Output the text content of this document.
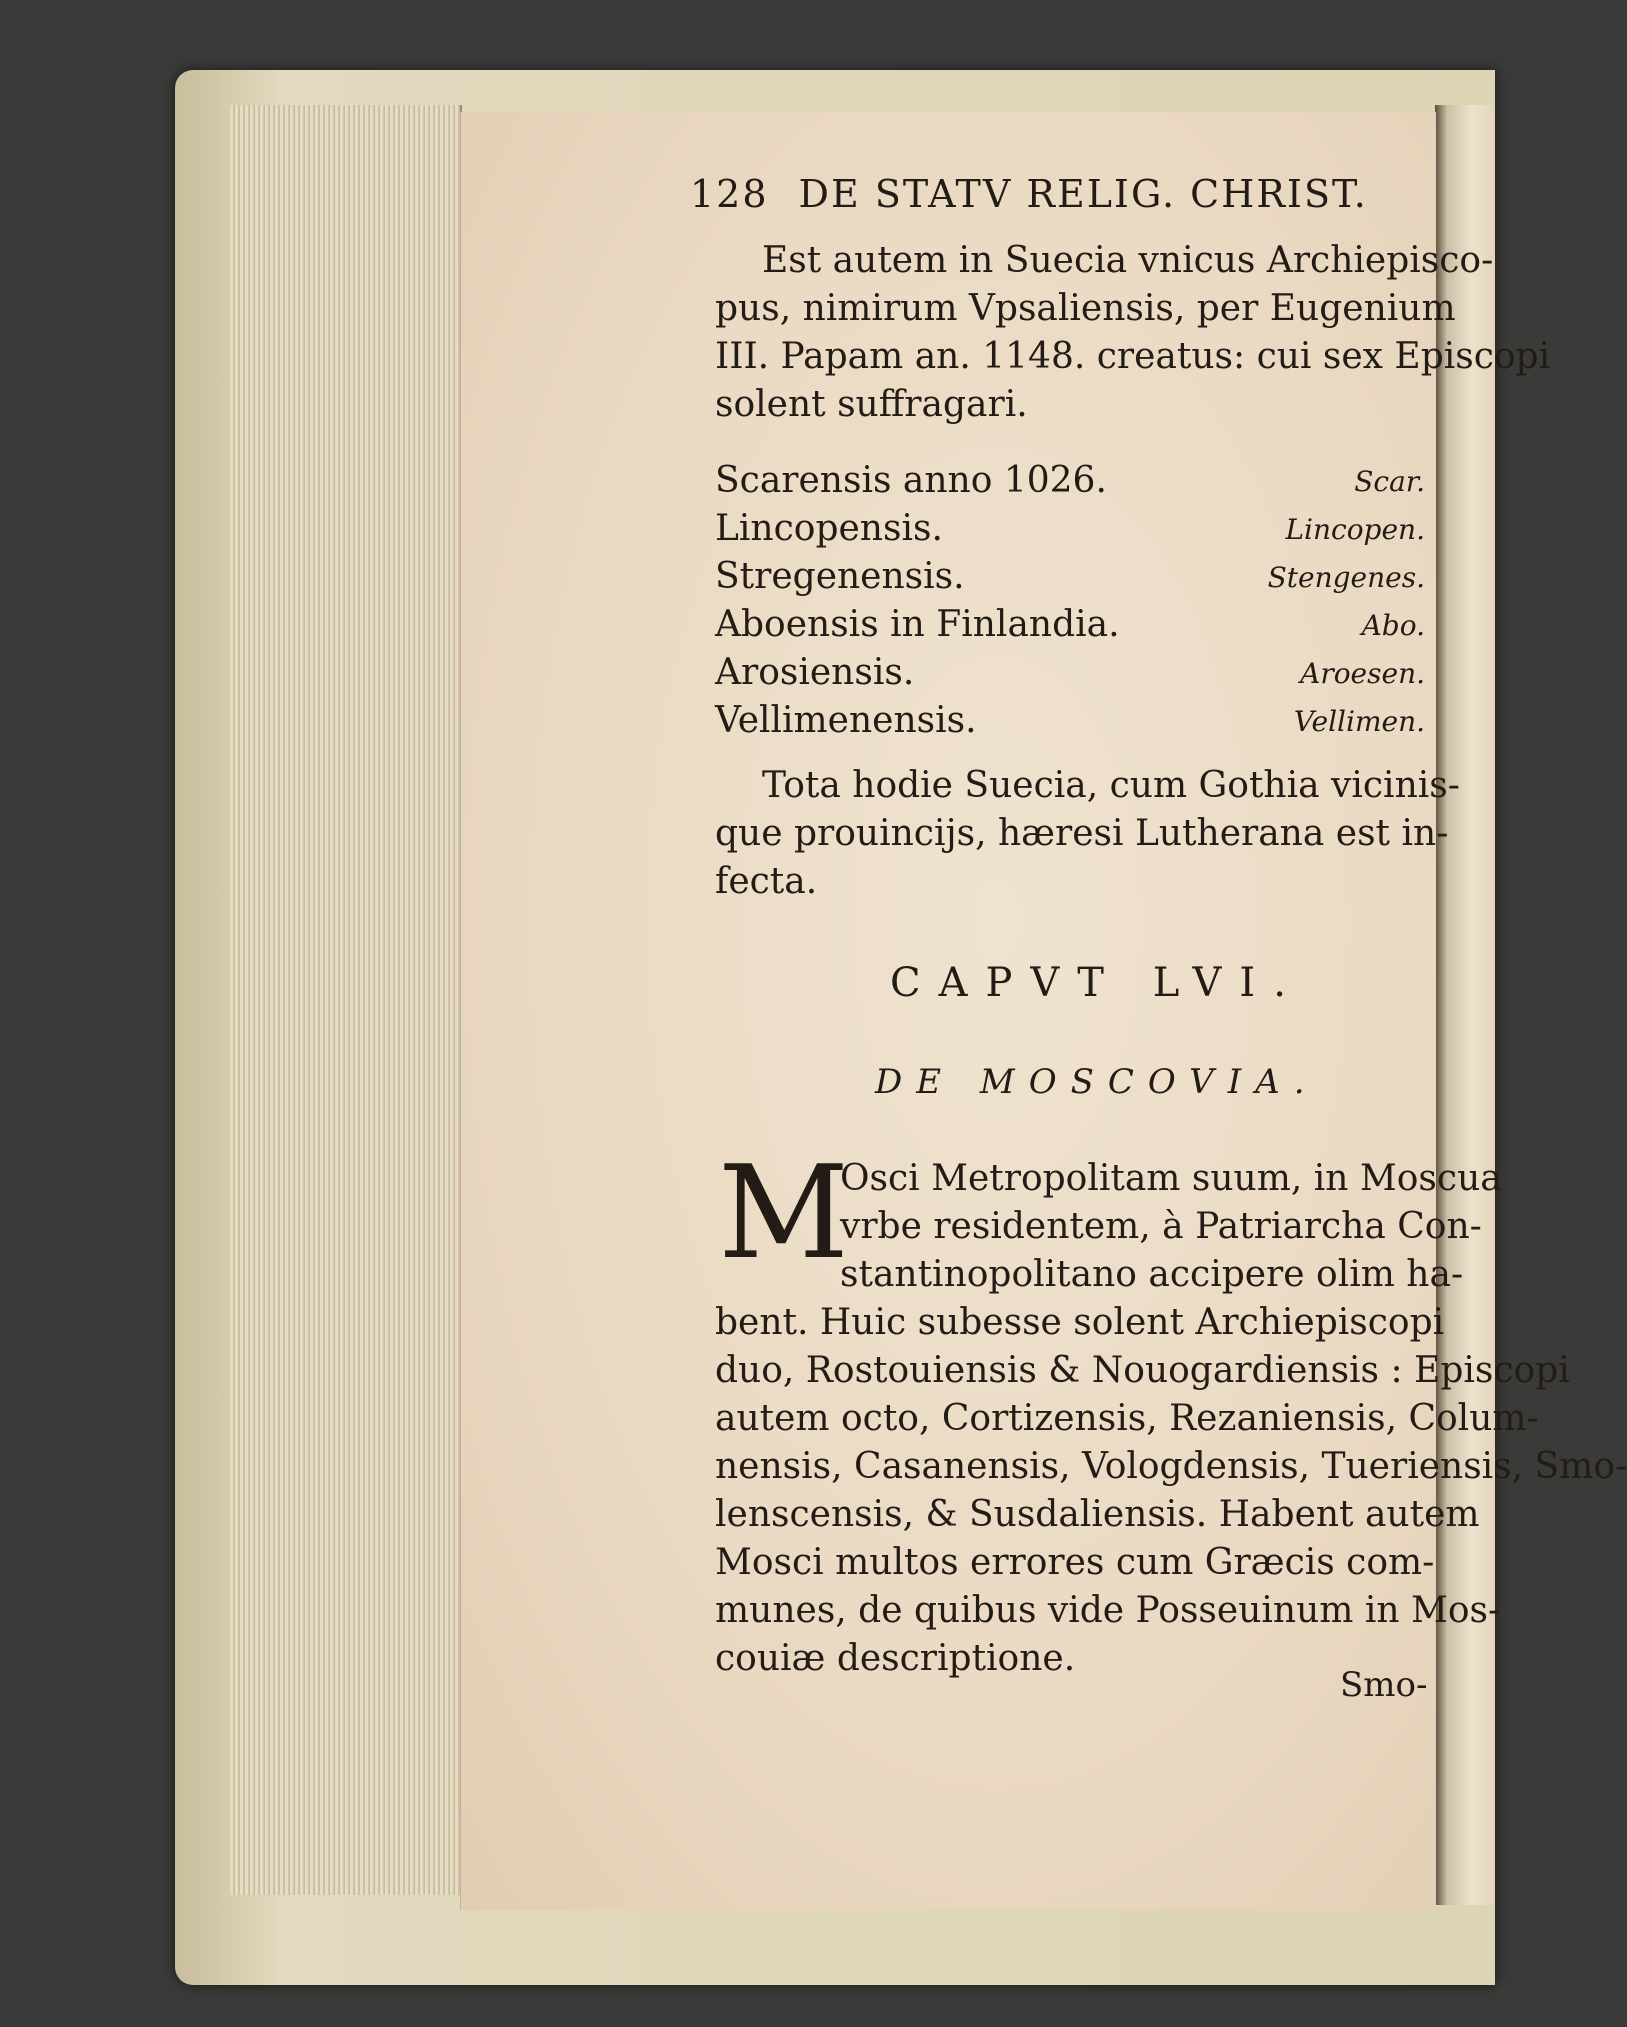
128 DE STATV RELIG. CHRIST.
Est autem in Suecia vnicus Archiepisco-
pus, nimirum Vpsaliensis, per Eugenium
III. Papam an. 1148. creatus: cui sex Episcopi
solent suffragari.
Scarensis anno 1026.	Scar.
Lincopensis.	Lincopen.
Stregenensis.	Stengenes.
Aboensis in Finlandia.	Abo.
Arosiensis.	Aroesen.
Vellimenensis.	Vellimen.
Tota hodie Suecia, cum Gothia vicinis-
que prouincijs, hæresi Lutherana est in-
fecta.
CAPVT LVI.
DE MOSCOVIA.
M
Osci Metropolitam suum, in Moscua
vrbe residentem, à Patriarcha Con-
stantinopolitano accipere olim ha-
bent. Huic subesse solent Archiepiscopi
duo, Rostouiensis & Nouogardiensis : Episcopi
autem octo, Cortizensis, Rezaniensis, Colum-
nensis, Casanensis, Vologdensis, Tueriensis, Smo-
lenscensis, & Susdaliensis. Habent autem
Mosci multos errores cum Græcis com-
munes, de quibus vide Posseuinum in Mos-
couiæ descriptione.
Smo-
